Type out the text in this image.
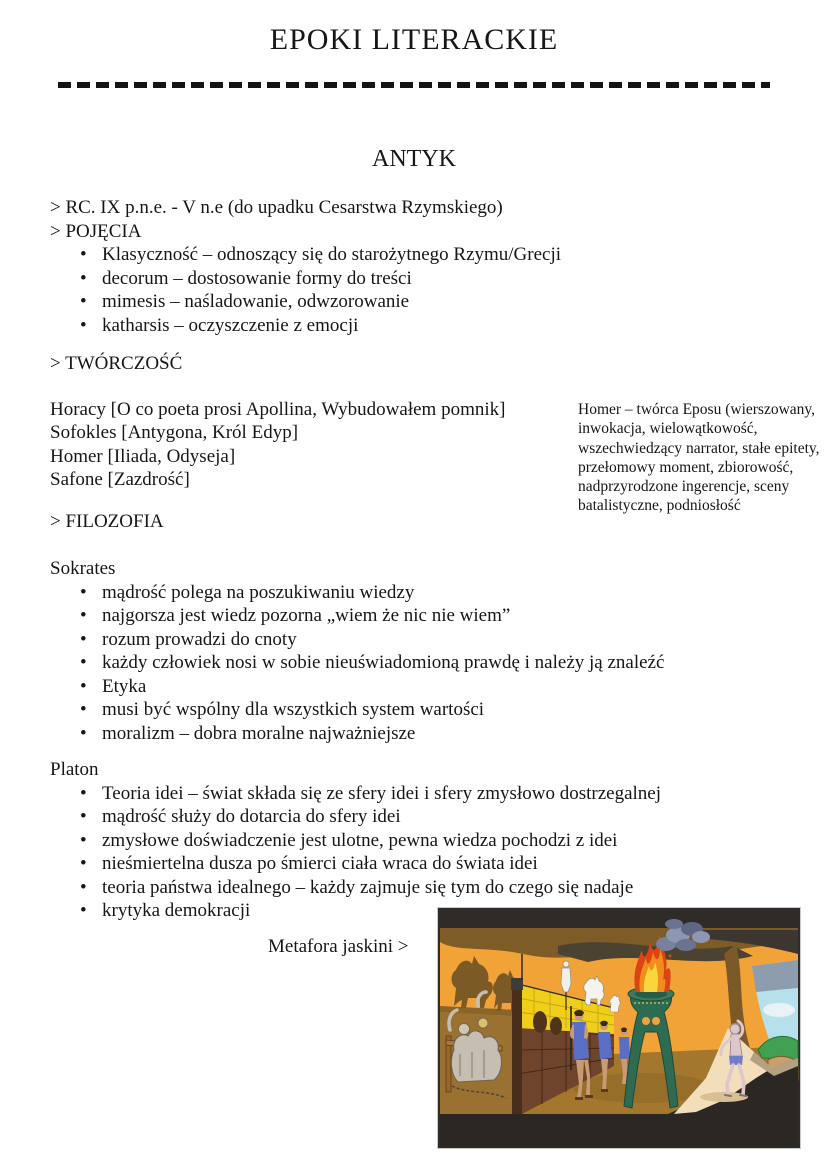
EPOKI LITERACKIE
ANTYK
> RC. IX p.n.e. - V n.e (do upadku Cesarstwa Rzymskiego)
> POJĘCIA
• Klasyczność – odnoszący się do starożytnego Rzymu/Grecji
• decorum – dostosowanie formy do treści
• mimesis – naśladowanie, odwzorowanie
• katharsis – oczyszczenie z emocji
> TWÓRCZOŚĆ
Horacy [O co poeta prosi Apollina, Wybudowałem pomnik]
Sofokles [Antygona, Król Edyp]
Homer [Iliada, Odyseja]
Safone [Zazdrość]
> FILOZOFIA
Sokrates
• mądrość polega na poszukiwaniu wiedzy
• najgorsza jest wiedz pozorna „wiem że nic nie wiem”
• rozum prowadzi do cnoty
• każdy człowiek nosi w sobie nieuświadomioną prawdę i należy ją znaleźć
• Etyka
• musi być wspólny dla wszystkich system wartości
• moralizm – dobra moralne najważniejsze
Platon
• Teoria idei – świat składa się ze sfery idei i sfery zmysłowo dostrzegalnej
• mądrość służy do dotarcia do sfery idei
• zmysłowe doświadczenie jest ulotne, pewna wiedza pochodzi z idei
• nieśmiertelna dusza po śmierci ciała wraca do świata idei
• teoria państwa idealnego – każdy zajmuje się tym do czego się nadaje
• krytyka demokracji
Homer – twórca Eposu (wierszowany, inwokacja, wielowątkowość, wszechwiedzący narrator, stałe epitety, przełomowy moment, zbiorowość, nadprzyrodzone ingerencje, sceny batalistyczne, podniosłość
Metafora jaskini >
